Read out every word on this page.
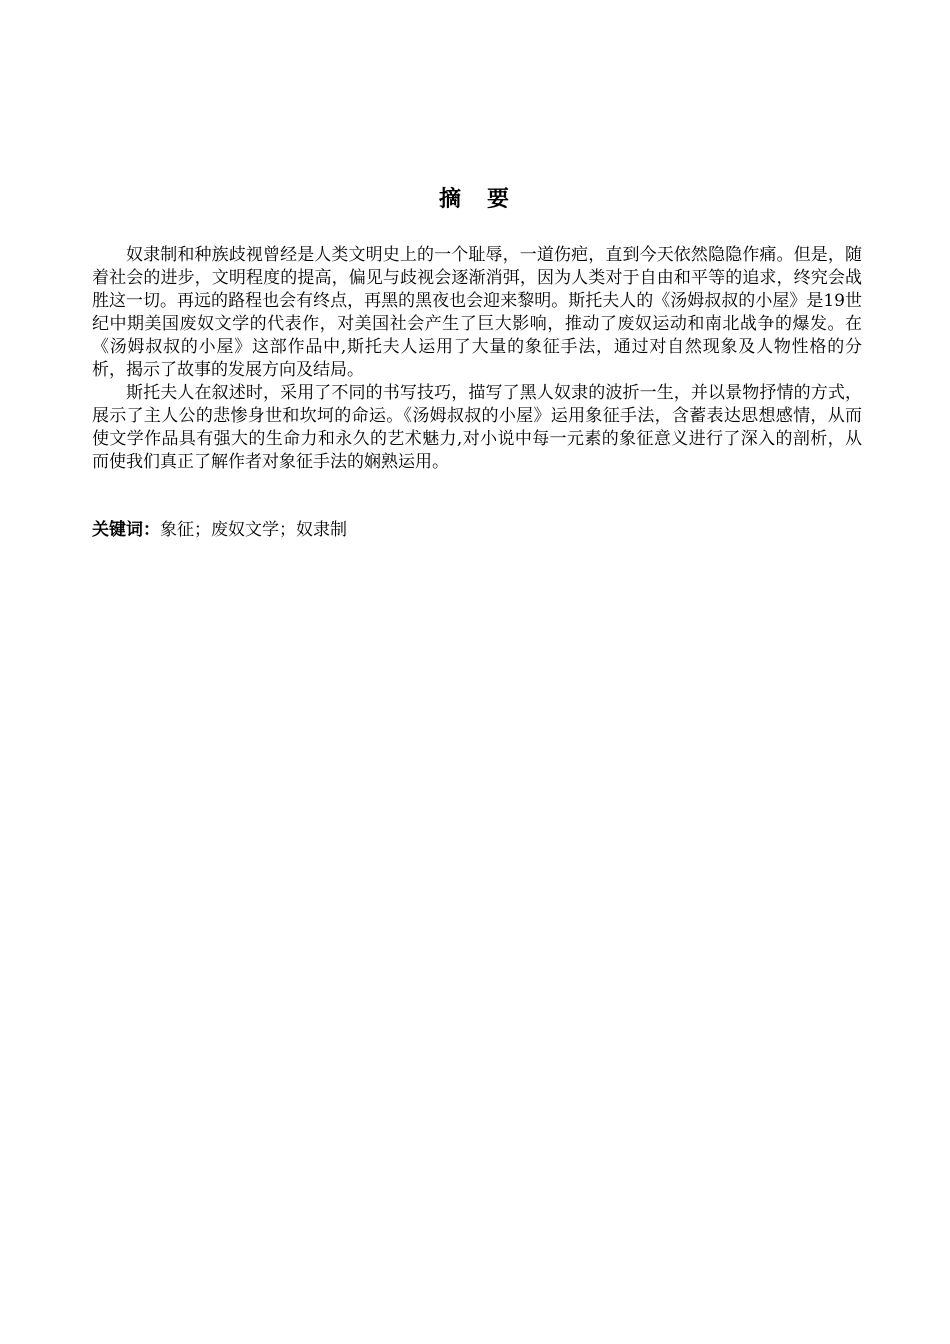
摘　要

奴隶制和种族歧视曾经是人类文明史上的一个耻辱，一道伤疤，直到今天依然隐隐作痛。但是，随着社会的进步，文明程度的提高，偏见与歧视会逐渐消弭，因为人类对于自由和平等的追求，终究会战胜这一切。再远的路程也会有终点，再黑的黑夜也会迎来黎明。斯托夫人的《汤姆叔叔的小屋》是19世纪中期美国废奴文学的代表作，对美国社会产生了巨大影响，推动了废奴运动和南北战争的爆发。在《汤姆叔叔的小屋》这部作品中,斯托夫人运用了大量的象征手法，通过对自然现象及人物性格的分析，揭示了故事的发展方向及结局。

斯托夫人在叙述时，采用了不同的书写技巧，描写了黑人奴隶的波折一生，并以景物抒情的方式，展示了主人公的悲惨身世和坎坷的命运。《汤姆叔叔的小屋》运用象征手法，含蓄表达思想感情，从而使文学作品具有强大的生命力和永久的艺术魅力,对小说中每一元素的象征意义进行了深入的剖析，从而使我们真正了解作者对象征手法的娴熟运用。

关键词：象征；废奴文学；奴隶制
